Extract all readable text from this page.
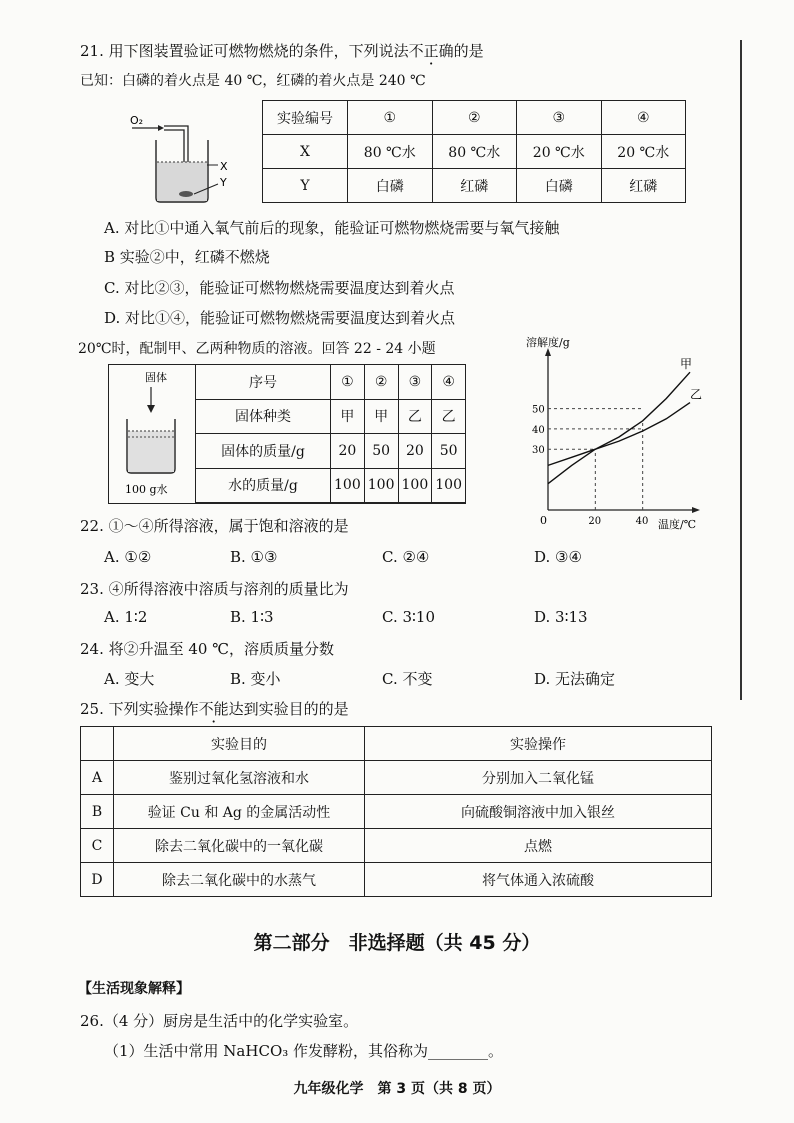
21. 用下图装置验证可燃物燃烧的条件，下列说法不正确的是
已知：白磷的着火点是 40 ℃，红磷的着火点是 240 ℃
O₂
X
Y
实验编号	①	②	③	④
X	80 ℃水	80 ℃水	20 ℃水	20 ℃水
Y	白磷	红磷	白磷	红磷
A. 对比①中通入氧气前后的现象，能验证可燃物燃烧需要与氧气接触
B 实验②中，红磷不燃烧
C. 对比②③，能验证可燃物燃烧需要温度达到着火点
D. 对比①④，能验证可燃物燃烧需要温度达到着火点
20℃时，配制甲、乙两种物质的溶液。回答 22 - 24 小题
固体
100 g水
序号	①	②	③	④
固体种类	甲	甲	乙	乙
固体的质量/g	20	50	20	50
水的质量/g	100	100	100	100
溶解度/g
温度/℃
0
30
40
50
20	40
甲
乙
22. ①～④所得溶液，属于饱和溶液的是
A. ①②	B. ①③	C. ②④	D. ③④
23. ④所得溶液中溶质与溶剂的质量比为
A. 1∶2	B. 1∶3	C. 3∶10	D. 3∶13
24. 将②升温至 40 ℃，溶质质量分数
A. 变大	B. 变小	C. 不变	D. 无法确定
25. 下列实验操作不能达到实验目的的是
	实验目的	实验操作
A	鉴别过氧化氢溶液和水	分别加入二氧化锰
B	验证 Cu 和 Ag 的金属活动性	向硫酸铜溶液中加入银丝
C	除去二氧化碳中的一氧化碳	点燃
D	除去二氧化碳中的水蒸气	将气体通入浓硫酸
第二部分　非选择题（共 45 分）
【生活现象解释】
26.（4 分）厨房是生活中的化学实验室。
（1）生活中常用 NaHCO₃ 作发酵粉，其俗称为________。
九年级化学　第 3 页（共 8 页）
